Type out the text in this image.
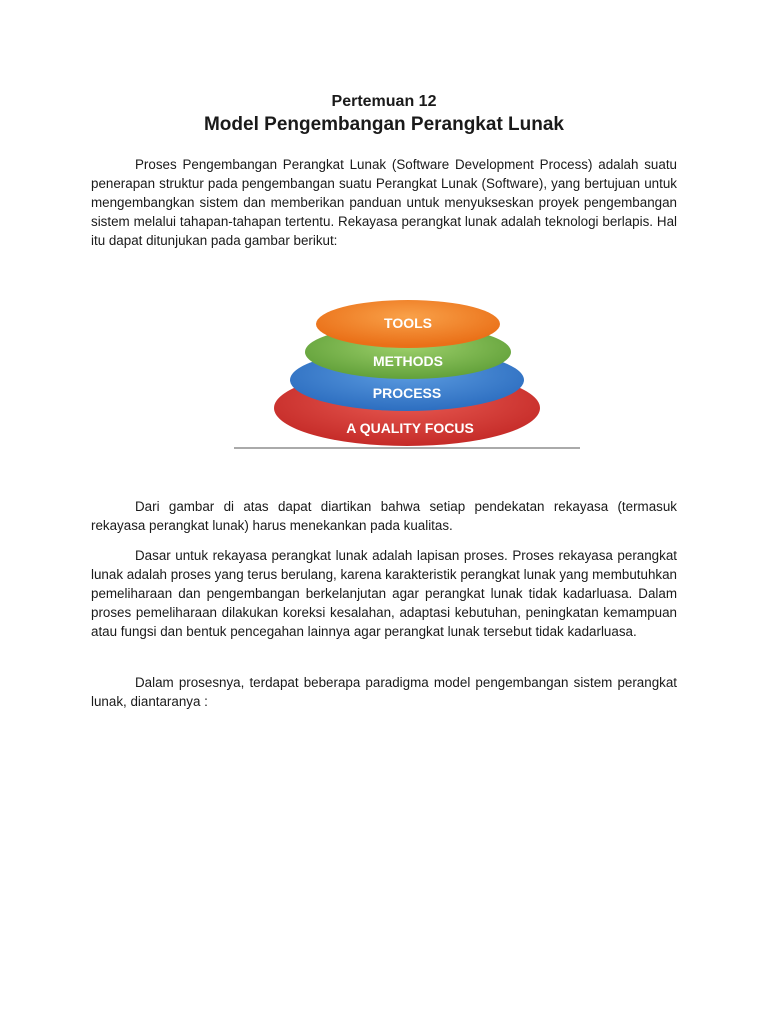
Pertemuan 12
Model Pengembangan Perangkat Lunak

Proses Pengembangan Perangkat Lunak (Software Development Process) adalah suatu penerapan struktur pada pengembangan suatu Perangkat Lunak (Software), yang bertujuan untuk mengembangkan sistem dan memberikan panduan untuk menyukseskan proyek pengembangan sistem melalui tahapan-tahapan tertentu. Rekayasa perangkat lunak adalah teknologi berlapis. Hal itu dapat ditunjukan pada gambar berikut:

TOOLS
METHODS
PROCESS
A QUALITY FOCUS

Dari gambar di atas dapat diartikan bahwa setiap pendekatan rekayasa (termasuk rekayasa perangkat lunak) harus menekankan pada kualitas.

Dasar untuk rekayasa perangkat lunak adalah lapisan proses. Proses rekayasa perangkat lunak adalah proses yang terus berulang, karena karakteristik perangkat lunak yang membutuhkan pemeliharaan dan pengembangan berkelanjutan agar perangkat lunak tidak kadarluasa. Dalam proses pemeliharaan dilakukan koreksi kesalahan, adaptasi kebutuhan, peningkatan kemampuan atau fungsi dan bentuk pencegahan lainnya agar perangkat lunak tersebut tidak kadarluasa.

Dalam prosesnya, terdapat beberapa paradigma model pengembangan sistem perangkat lunak, diantaranya :
